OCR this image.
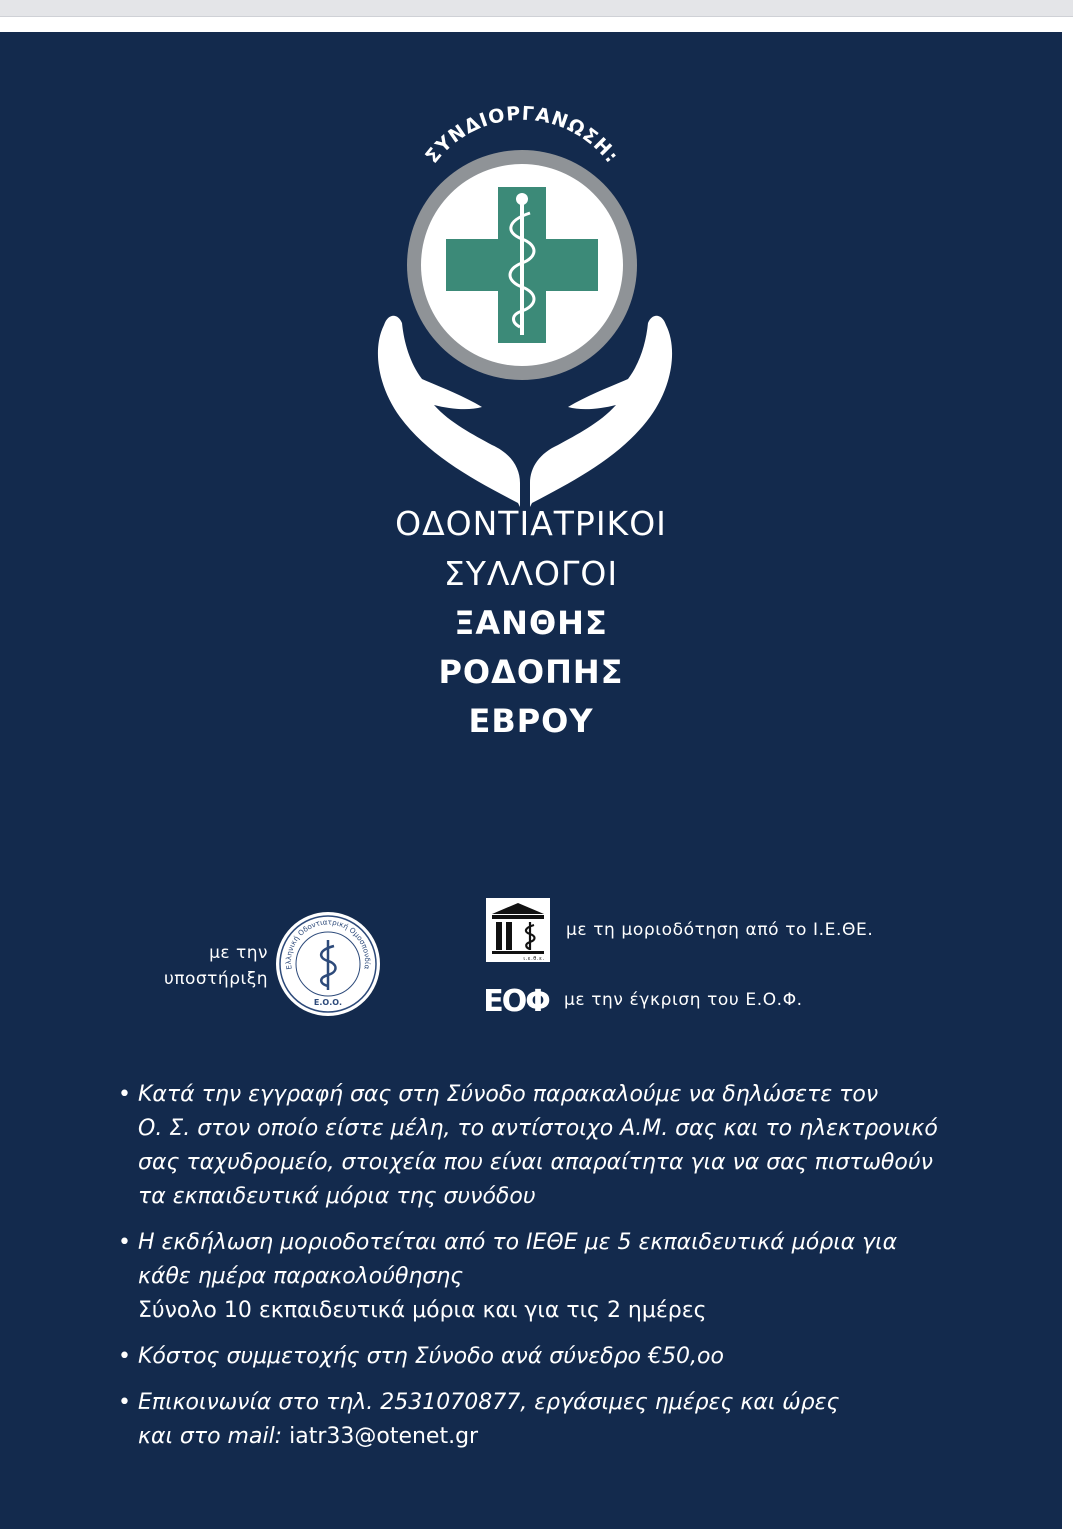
ΣΥΝΔΙΟΡΓΑΝΩΣΗ:
ΟΔΟΝΤΙΑΤΡΙΚΟΙ
ΣΥΛΛΟΓΟΙ
ΞΑΝΘΗΣ
ΡΟΔΟΠΗΣ
ΕΒΡΟΥ
με την
υποστήριξη
Ελληνική Οδοντιατρική Ομοσπονδία
Ε.Ο.Ο.
ι.ε.θ.ε.
με τη μοριοδότηση από το Ι.Ε.ΘΕ.
ΕΟΦ με την έγκριση του Ε.Ο.Φ.
• Κατά την εγγραφή σας στη Σύνοδο παρακαλούμε να δηλώσετε τον
Ο. Σ. στον οποίο είστε μέλη, το αντίστοιχο Α.Μ. σας και το ηλεκτρονικό
σας ταχυδρομείο, στοιχεία που είναι απαραίτητα για να σας πιστωθούν
τα εκπαιδευτικά μόρια της συνόδου
• Η εκδήλωση μοριοδοτείται από το ΙΕΘΕ με 5 εκπαιδευτικά μόρια για
κάθε ημέρα παρακολούθησης
Σύνολο 10 εκπαιδευτικά μόρια και για τις 2 ημέρες
• Κόστος συμμετοχής στη Σύνοδο ανά σύνεδρο €50,οο
• Επικοινωνία στο τηλ. 2531070877, εργάσιμες ημέρες και ώρες
και στο mail: iatr33@otenet.gr
